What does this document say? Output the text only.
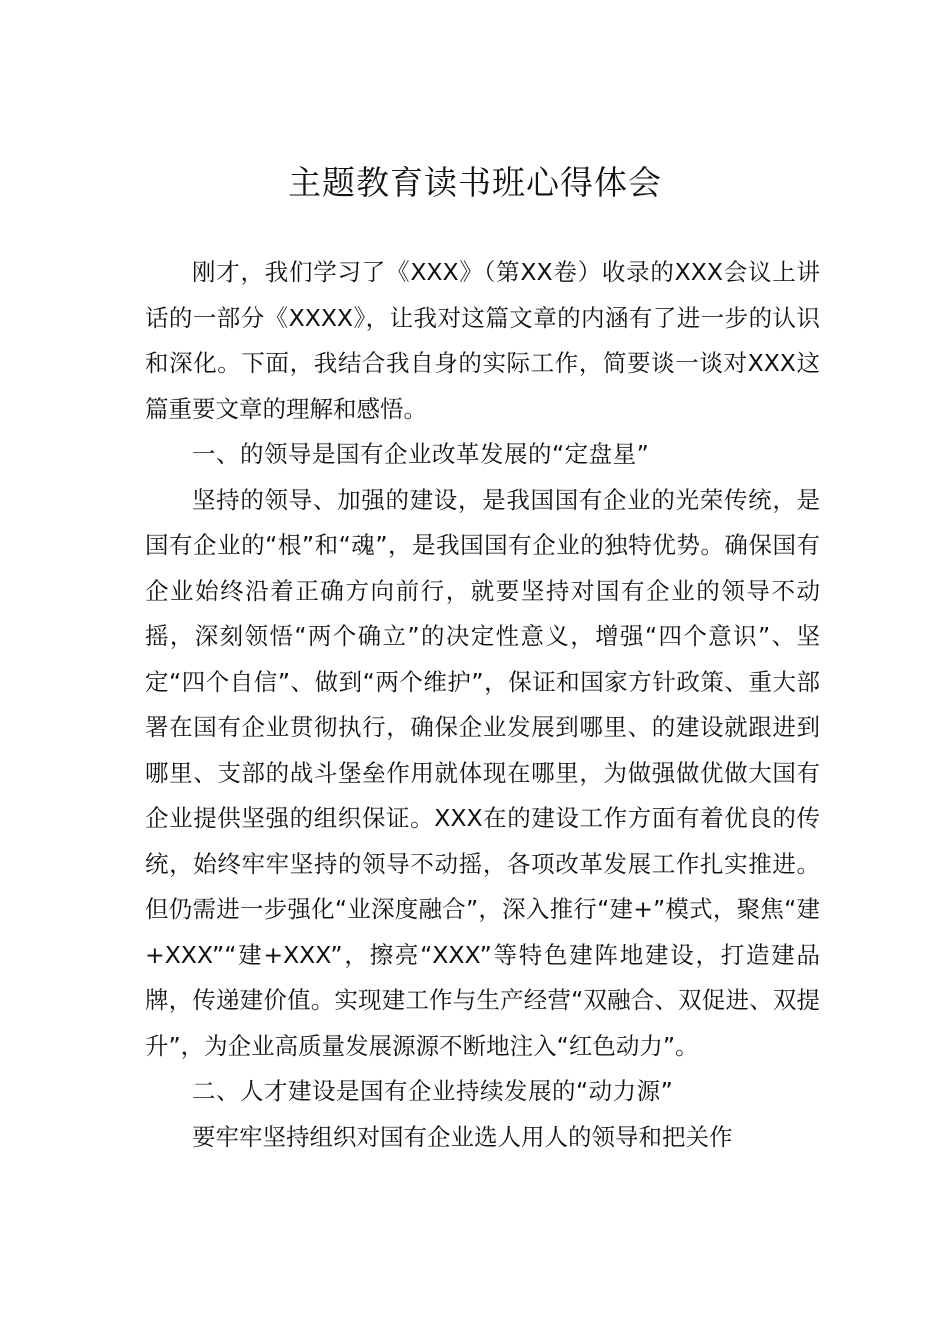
主题教育读书班心得体会

刚才，我们学习了《XXX》（第XX卷）收录的XXX会议上讲话的一部分《XXXX》，让我对这篇文章的内涵有了进一步的认识和深化。下面，我结合我自身的实际工作，简要谈一谈对XXX这篇重要文章的理解和感悟。

一、的领导是国有企业改革发展的“定盘星”

坚持的领导、加强的建设，是我国国有企业的光荣传统，是国有企业的“根”和“魂”，是我国国有企业的独特优势。确保国有企业始终沿着正确方向前行，就要坚持对国有企业的领导不动摇，深刻领悟“两个确立”的决定性意义，增强“四个意识”、坚定“四个自信”、做到“两个维护”，保证和国家方针政策、重大部署在国有企业贯彻执行，确保企业发展到哪里、的建设就跟进到哪里、支部的战斗堡垒作用就体现在哪里，为做强做优做大国有企业提供坚强的组织保证。XXX在的建设工作方面有着优良的传统，始终牢牢坚持的领导不动摇，各项改革发展工作扎实推进。但仍需进一步强化“业深度融合”，深入推行“建+”模式，聚焦“建+XXX”“建+XXX”，擦亮“XXX”等特色建阵地建设，打造建品牌，传递建价值。实现建工作与生产经营“双融合、双促进、双提升”，为企业高质量发展源源不断地注入“红色动力”。

二、人才建设是国有企业持续发展的“动力源”

要牢牢坚持组织对国有企业选人用人的领导和把关作
